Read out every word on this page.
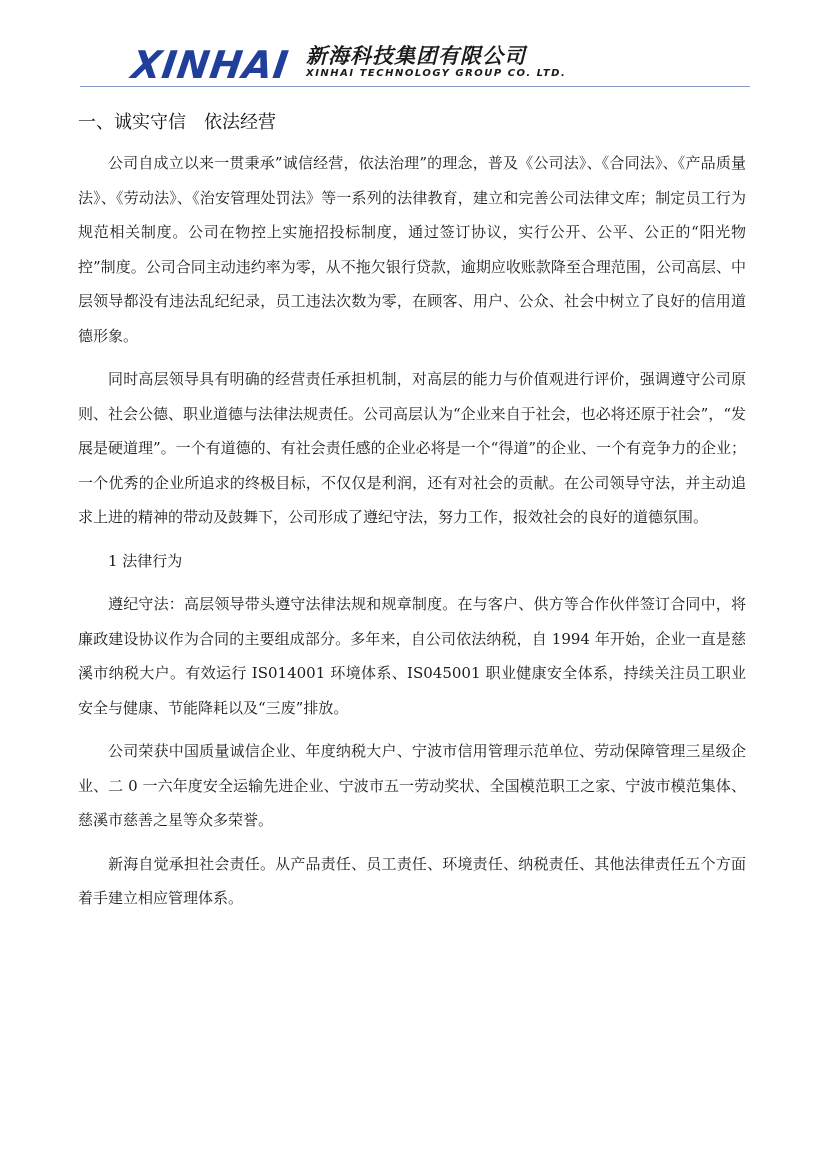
XINHAI 新海科技集团有限公司
XINHAI TECHNOLOGY GROUP CO. LTD.
一、诚实守信　依法经营

公司自成立以来一贯秉承”诚信经营，依法治理”的理念，普及《公司法》、《合同法》、《产品质量法》、《劳动法》、《治安管理处罚法》等一系列的法律教育，建立和完善公司法律文库；制定员工行为规范相关制度。公司在物控上实施招投标制度，通过签订协议，实行公开、公平、公正的“阳光物控”制度。公司合同主动违约率为零，从不拖欠银行贷款，逾期应收账款降至合理范围，公司高层、中层领导都没有违法乱纪纪录，员工违法次数为零，在顾客、用户、公众、社会中树立了良好的信用道德形象。

同时高层领导具有明确的经营责任承担机制，对高层的能力与价值观进行评价，强调遵守公司原则、社会公德、职业道德与法律法规责任。公司高层认为“企业来自于社会，也必将还原于社会”，“发展是硬道理”。一个有道德的、有社会责任感的企业必将是一个“得道”的企业、一个有竞争力的企业；一个优秀的企业所追求的终极目标，不仅仅是利润，还有对社会的贡献。在公司领导守法，并主动追求上进的精神的带动及鼓舞下，公司形成了遵纪守法，努力工作，报效社会的良好的道德氛围。

1 法律行为

遵纪守法：高层领导带头遵守法律法规和规章制度。在与客户、供方等合作伙伴签订合同中，将廉政建设协议作为合同的主要组成部分。多年来，自公司依法纳税，自 1994 年开始，企业一直是慈溪市纳税大户。有效运行 IS014001 环境体系、IS045001 职业健康安全体系，持续关注员工职业安全与健康、节能降耗以及“三废”排放。

公司荣获中国质量诚信企业、年度纳税大户、宁波市信用管理示范单位、劳动保障管理三星级企业、二 0 一六年度安全运输先进企业、宁波市五一劳动奖状、全国模范职工之家、宁波市模范集体、慈溪市慈善之星等众多荣誉。

新海自觉承担社会责任。从产品责任、员工责任、环境责任、纳税责任、其他法律责任五个方面着手建立相应管理体系。
